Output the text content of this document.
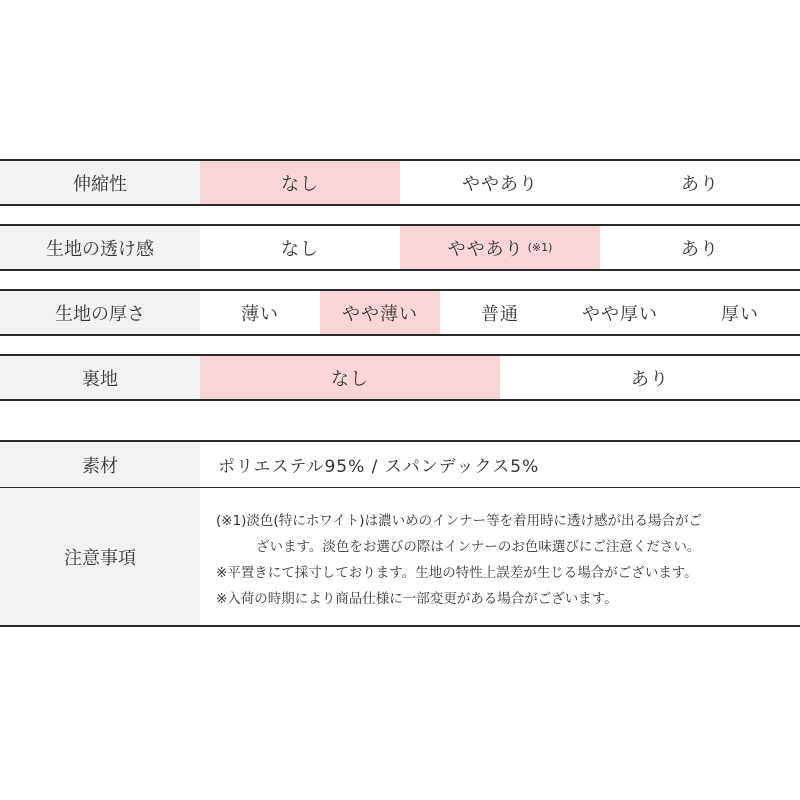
伸縮性	なし	ややあり	あり
生地の透け感	なし	ややあり (※1)	あり
生地の厚さ	薄い	やや薄い	普通	やや厚い	厚い
裏地	なし	あり
素材	ポリエステル95% / スパンデックス5%
注意事項
(※1)淡色(特にホワイト)は濃いめのインナー等を着用時に透け感が出る場合がご
ざいます。淡色をお選びの際はインナーのお色味選びにご注意ください。
※平置きにて採寸しております。生地の特性上誤差が生じる場合がございます。
※入荷の時期により商品仕様に一部変更がある場合がございます。
